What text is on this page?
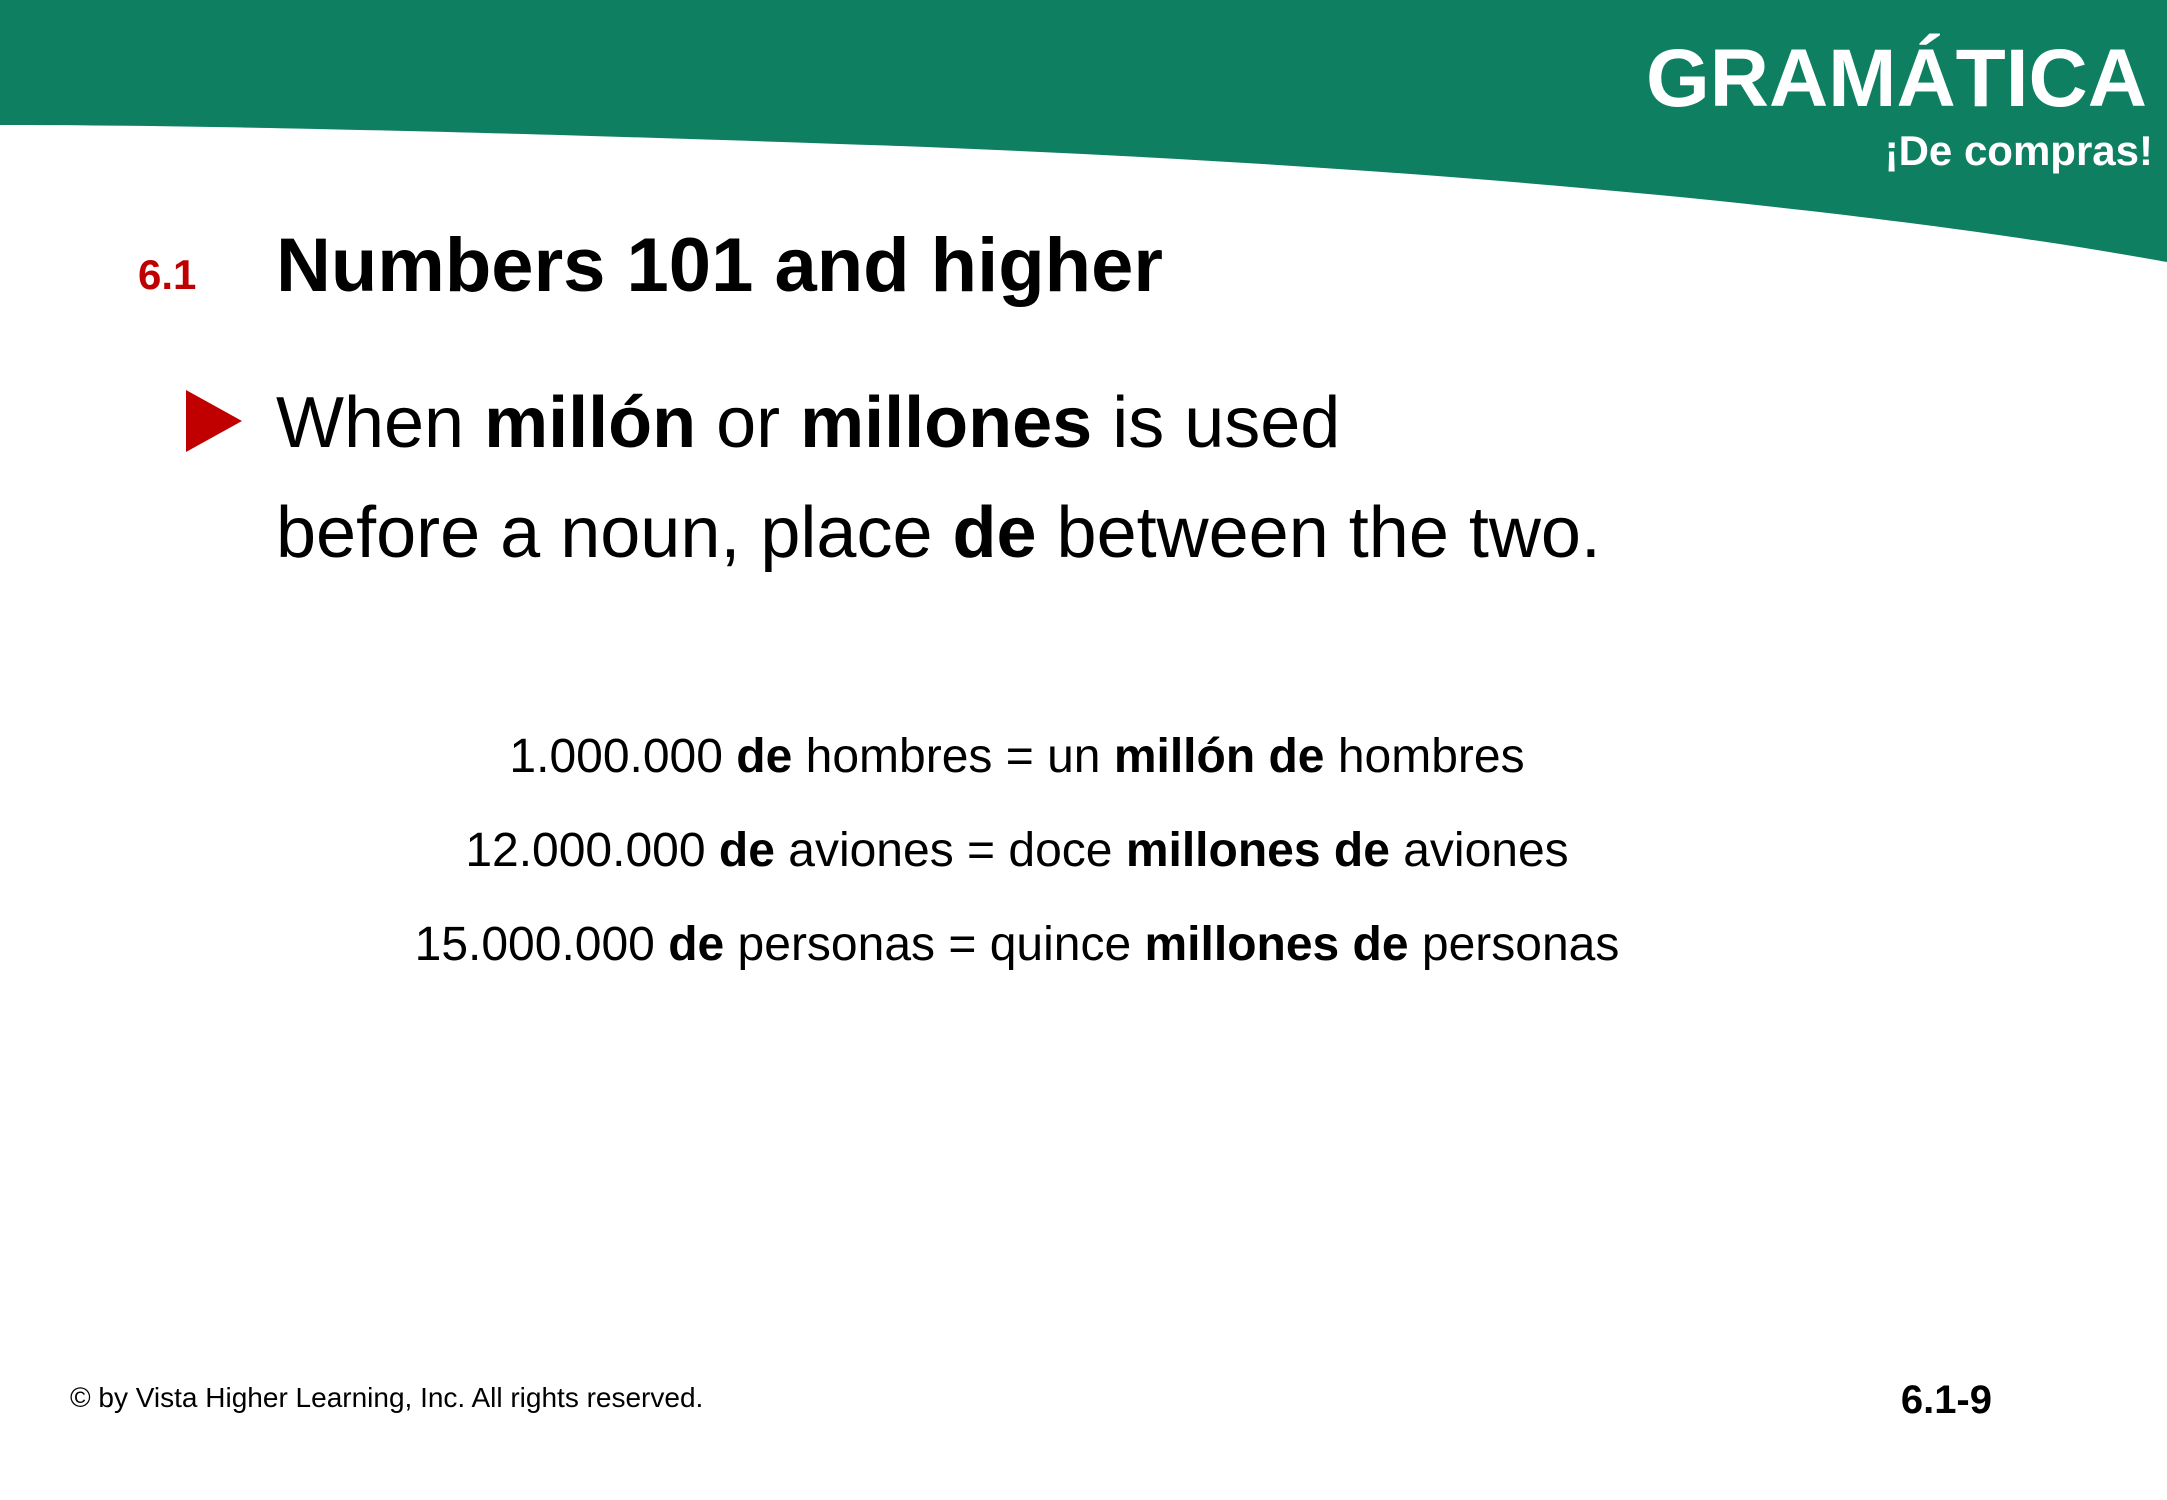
GRAMÁTICA
¡De compras!
6.1 Numbers 101 and higher
When millón or millones is used
before a noun, place de between the two.
1.000.000 de hombres = un millón de hombres
12.000.000 de aviones = doce millones de aviones
15.000.000 de personas = quince millones de personas
© by Vista Higher Learning, Inc. All rights reserved.	6.1-9
